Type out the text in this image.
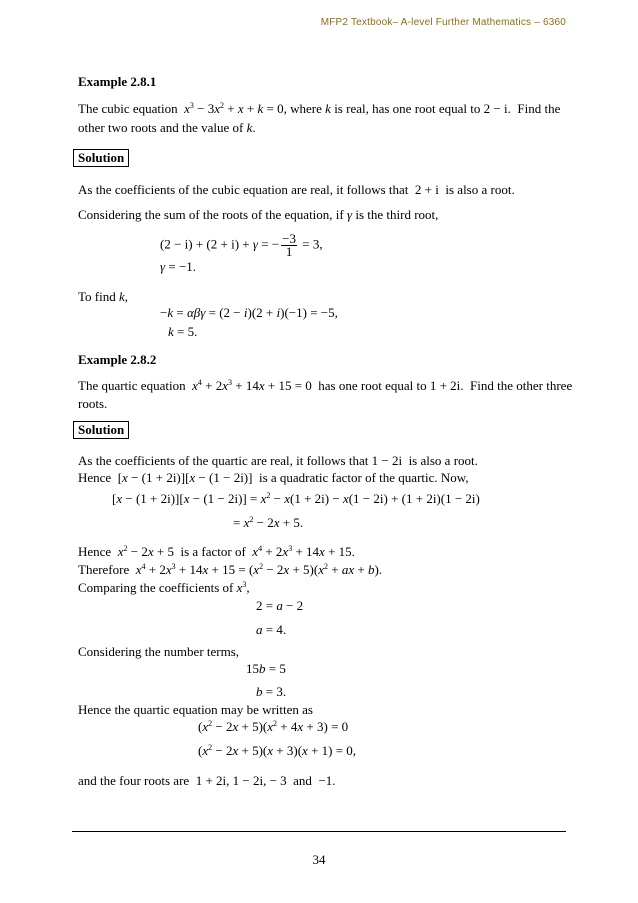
MFP2 Textbook– A-level Further Mathematics – 6360
Example 2.8.1
The cubic equation $x^3 - 3x^2 + x + k = 0$, where k is real, has one root equal to 2 − i. Find the
other two roots and the value of k.
Solution
As the coefficients of the cubic equation are real, it follows that  2 + i  is also a root.
Considering the sum of the roots of the equation, if γ is the third root,
(2 − i) + (2 + i) + γ = − $\frac{-3}{1} = 3$,
γ = −1.
To find k,
−k = αβγ = (2 − i)(2 + i)(−1) = −5,
k = 5.
Example 2.8.2
The quartic equation $x^4 + 2x^3 + 14x + 15 = 0$ has one root equal to 1 + 2i.  Find the other three
roots.
Solution
As the coefficients of the quartic are real, it follows that 1 − 2i  is also a root.
Hence  [x − (1 + 2i)][x − (1 − 2i)]  is a quadratic factor of the quartic. Now,
$[x - (1 + 2i)][x - (1 - 2i)] = x^2 - x(1 + 2i) - x(1 - 2i) + (1 + 2i)(1 - 2i)$
= $x^2 - 2x + 5$.
Hence $x^2 - 2x + 5$  is a factor of $x^4 + 2x^3 + 14x + 15$.
Therefore $x^4 + 2x^3 + 14x + 15 = (x^2 - 2x + 5)(x^2$ + ax + b).
Comparing the coefficients of $x^3$,
2 = a − 2
a = 4.
Considering the number terms,
15b = 5
b = 3.
Hence the quartic equation may be written as
$(x^2 - 2x + 5)(x^2 + 4x + 3) = 0$
$(x^2 - 2x + 5)(x + 3)(x + 1) = 0$,
and the four roots are  1 + 2i, 1 − 2i, − 3  and  −1.
34
